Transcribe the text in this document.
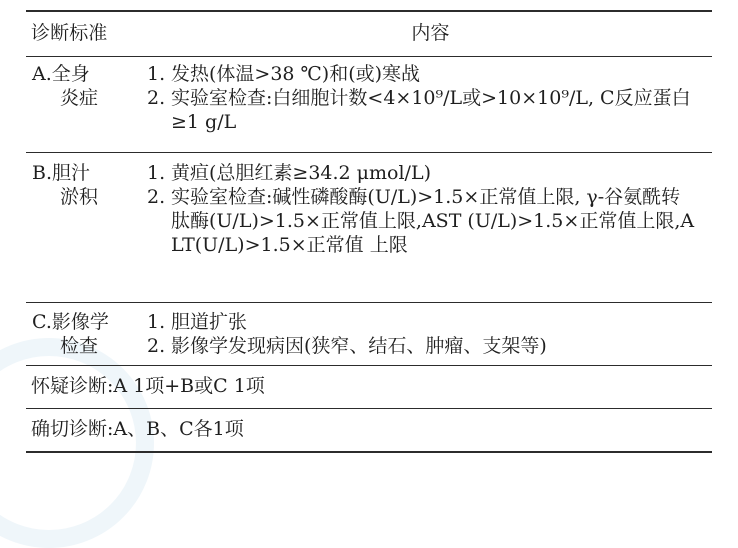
诊断标准	内容
A.全身
炎症
1. 发热(体温>38 ℃)和(或)寒战
2. 实验室检查:白细胞计数<4×10⁹/L或>10×10⁹/L, C反应蛋白≥1 g/L
B.胆汁
淤积
1. 黄疸(总胆红素≥34.2 μmol/L)
2. 实验室检查:碱性磷酸酶(U/L)>1.5×正常值上限, γ-谷氨酰转肽酶(U/L)>1.5×正常值上限,AST (U/L)>1.5×正常值上限,ALT(U/L)>1.5×正常值 上限
C.影像学
检查
1. 胆道扩张
2. 影像学发现病因(狭窄、结石、肿瘤、支架等)
怀疑诊断:A 1项+B或C 1项
确切诊断:A、B、C各1项
